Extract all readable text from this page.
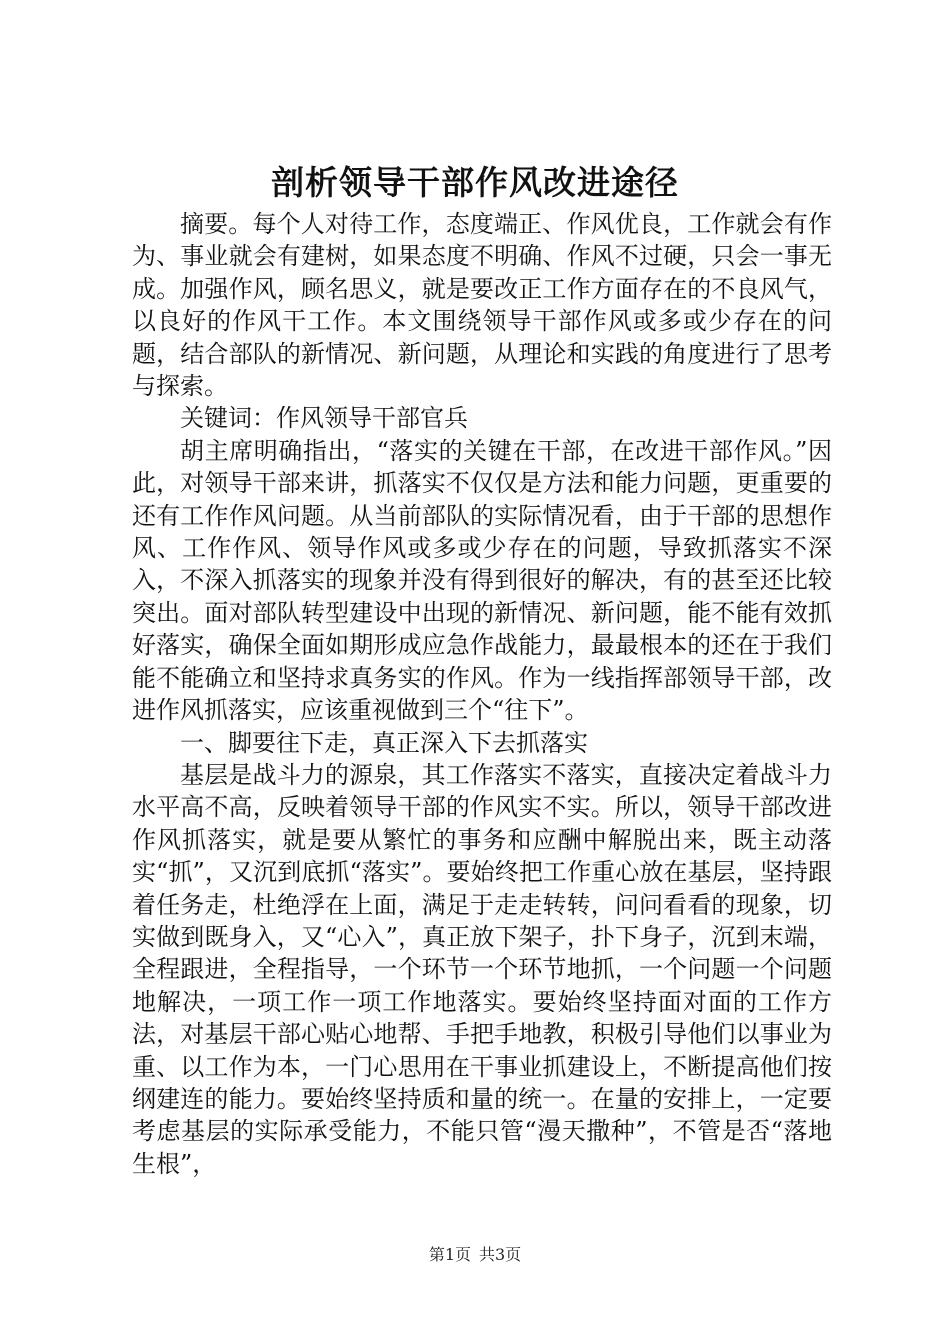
剖析领导干部作风改进途径

摘要。每个人对待工作，态度端正、作风优良，工作就会有作为、事业就会有建树，如果态度不明确、作风不过硬，只会一事无成。加强作风，顾名思义，就是要改正工作方面存在的不良风气，以良好的作风干工作。本文围绕领导干部作风或多或少存在的问题，结合部队的新情况、新问题，从理论和实践的角度进行了思考与探索。

关键词：作风领导干部官兵

胡主席明确指出，“落实的关键在干部，在改进干部作风。”因此，对领导干部来讲，抓落实不仅仅是方法和能力问题，更重要的还有工作作风问题。从当前部队的实际情况看，由于干部的思想作风、工作作风、领导作风或多或少存在的问题，导致抓落实不深入，不深入抓落实的现象并没有得到很好的解决，有的甚至还比较突出。面对部队转型建设中出现的新情况、新问题，能不能有效抓好落实，确保全面如期形成应急作战能力，最最根本的还在于我们能不能确立和坚持求真务实的作风。作为一线指挥部领导干部，改进作风抓落实，应该重视做到三个“往下”。

一、脚要往下走，真正深入下去抓落实

基层是战斗力的源泉，其工作落实不落实，直接决定着战斗力水平高不高，反映着领导干部的作风实不实。所以，领导干部改进作风抓落实，就是要从繁忙的事务和应酬中解脱出来，既主动落实“抓”，又沉到底抓“落实”。要始终把工作重心放在基层，坚持跟着任务走，杜绝浮在上面，满足于走走转转，问问看看的现象，切实做到既身入，又“心入”，真正放下架子，扑下身子，沉到末端，全程跟进，全程指导，一个环节一个环节地抓，一个问题一个问题地解决，一项工作一项工作地落实。要始终坚持面对面的工作方法，对基层干部心贴心地帮、手把手地教，积极引导他们以事业为重、以工作为本，一门心思用在干事业抓建设上，不断提高他们按纲建连的能力。要始终坚持质和量的统一。在量的安排上，一定要考虑基层的实际承受能力，不能只管“漫天撒种”，不管是否“落地生根”，

第1页 共3页
